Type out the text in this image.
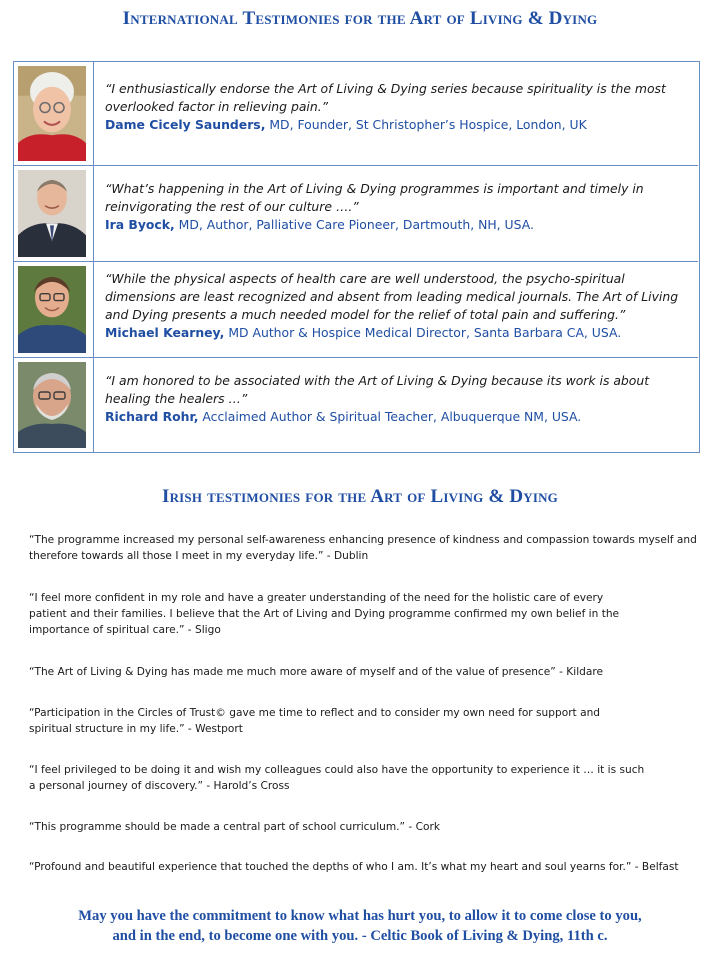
International Testimonies for the Art of Living & Dying
“I enthusiastically endorse the Art of Living & Dying series because spirituality is the most overlooked factor in relieving pain.”
Dame Cicely Saunders, MD, Founder, St Christopher’s Hospice, London, UK
“What’s happening in the Art of Living & Dying programmes is important and timely in reinvigorating the rest of our culture ….”
Ira Byock, MD, Author, Palliative Care Pioneer, Dartmouth, NH, USA.
“While the physical aspects of health care are well understood, the psycho-spiritual dimensions are least recognized and absent from leading medical journals. The Art of Living and Dying presents a much needed model for the relief of total pain and suffering.”
Michael Kearney, MD Author & Hospice Medical Director, Santa Barbara CA, USA.
“I am honored to be associated with the Art of Living & Dying because its work is about healing the healers …”
Richard Rohr, Acclaimed Author & Spiritual Teacher, Albuquerque NM, USA.
Irish testimonies for the Art of Living & Dying
“The programme increased my personal self-awareness enhancing presence of kindness and compassion towards myself and therefore towards all those I meet in my everyday life.” - Dublin
“I feel more confident in my role and have a greater understanding of the need for the holistic care of every patient and their families. I believe that the Art of Living and Dying programme confirmed my own belief in the importance of spiritual care.” - Sligo
“The Art of Living & Dying has made me much more aware of myself and of the value of presence” - Kildare
“Participation in the Circles of Trust© gave me time to reflect and to consider my own need for support and spiritual structure in my life.” - Westport
“I feel privileged to be doing it and wish my colleagues could also have the opportunity to experience it … it is such a personal journey of discovery.” - Harold’s Cross
“This programme should be made a central part of school curriculum.” - Cork
“Profound and beautiful experience that touched the depths of who I am. It’s what my heart and soul yearns for.” - Belfast
May you have the commitment to know what has hurt you, to allow it to come close to you,
and in the end, to become one with you. - Celtic Book of Living & Dying, 11th c.
